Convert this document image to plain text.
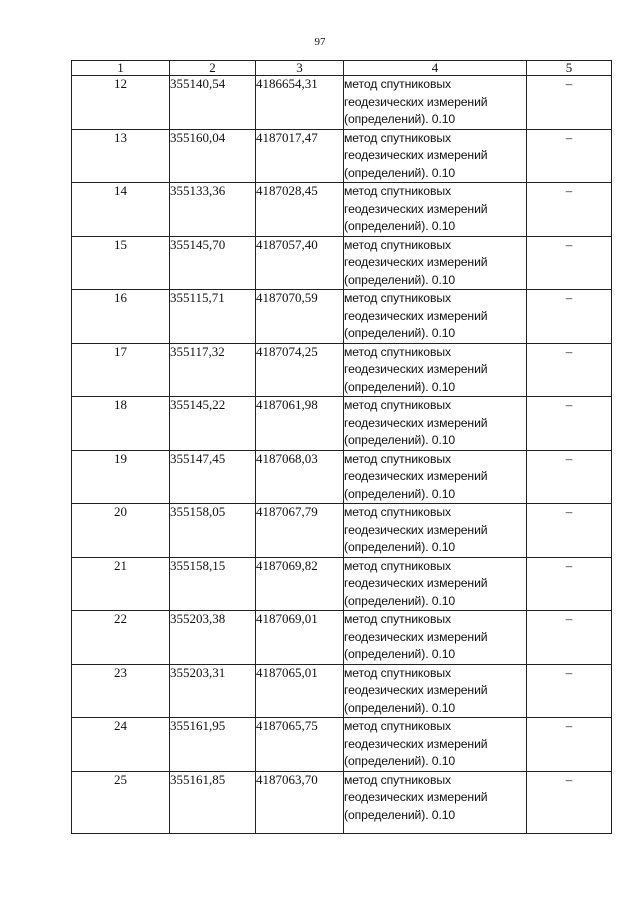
97
1	2	3	4	5
12	355140,54	4186654,31	метод спутниковых
геодезических измерений
(определений). 0.10	–
13	355160,04	4187017,47	метод спутниковых
геодезических измерений
(определений). 0.10	–
14	355133,36	4187028,45	метод спутниковых
геодезических измерений
(определений). 0.10	–
15	355145,70	4187057,40	метод спутниковых
геодезических измерений
(определений). 0.10	–
16	355115,71	4187070,59	метод спутниковых
геодезических измерений
(определений). 0.10	–
17	355117,32	4187074,25	метод спутниковых
геодезических измерений
(определений). 0.10	–
18	355145,22	4187061,98	метод спутниковых
геодезических измерений
(определений). 0.10	–
19	355147,45	4187068,03	метод спутниковых
геодезических измерений
(определений). 0.10	–
20	355158,05	4187067,79	метод спутниковых
геодезических измерений
(определений). 0.10	–
21	355158,15	4187069,82	метод спутниковых
геодезических измерений
(определений). 0.10	–
22	355203,38	4187069,01	метод спутниковых
геодезических измерений
(определений). 0.10	–
23	355203,31	4187065,01	метод спутниковых
геодезических измерений
(определений). 0.10	–
24	355161,95	4187065,75	метод спутниковых
геодезических измерений
(определений). 0.10	–
25	355161,85	4187063,70	метод спутниковых
геодезических измерений
(определений). 0.10	–
